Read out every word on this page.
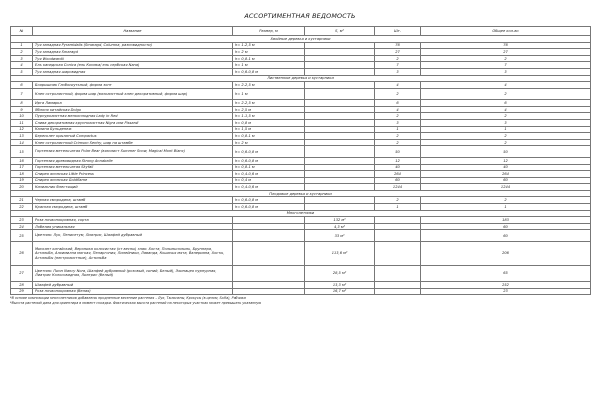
АССОРТИМЕНТНАЯ ВЕДОМОСТЬ
№	Название	Размер, м	S, м²	Шт.	Общее кол-во
Хвойные деревья и кустарники					
1	Туя западная Pyramidalis (Smaragd, Columna, разновидности)	h= 1-2,5 м		76	76
2	Туя западная Smaragd	h= 2 м		27	27
3	Туя Woodwardii	h= 0,8-1 м		2	2
4	Ель канадская Conica (ель Коника/ ель сербская Nana)	h= 1 м		7	7
5	Туя западная шаровидная	h= 0,6-0,8 м		3	3
Лиственные деревья и кустарники					
6	Боярышник Глобосиутьный, форма зонт	h= 2-2,5 м		4	4
7	Клен остролистный, форма шар (вязолистный клен декоративный, форма шар)	h= 1 м		2	2
8	Ирга Ламарка	h= 2-2,5 м		6	6
9	Яблоня китайская Dolgo	h= 2,5 м		4	4
10	Пурпуролистная мелкоплодная Lady in Red	h= 1-1,5 м		2	2
11	Слива декоративная крупнолистная Nigra или Pissardi	h= 0,8 м		3	3
12	Калина Бульденеж	h= 1,5 м		1	1
13	Бересклет крылатый Compactus	h= 0,8-1 м		2	2
14	Клен остролистный Crimson Sentry, шар на штамбе	h= 2 м		2	2
15	Гортензия метельчатая Polar Bear (вязолист Summer Snow, Magical Mont Blanc)	h= 0,6-0,8 м		50	50
16	Гортензия древовидная Strong Annabelle	h= 0,6-0,8 м		12	12
17	Гортензия метельчатая Skyfall	h= 0,8-1 м		40	40
18	Спирея японская Little Princess	h= 0,4-0,6 м		264	264
19	Спирея японская Goldflame	h= 0,4 м		60	60
20	Кизильник блестящий	h= 0,4-0,6 м		1244	1244
Плодовые деревья и кустарники					
21	Черная смородина, штамб	h= 0,6-0,8 м		2	2
22	Красная смородина, штамб	h= 0,6-0,8 м		1	1
Многолетники					
23	Роза почвопокровная, сорта		132 м²		183
24	Лобелия уникальная		4,3 м²		60
25	Цветник: Лук, Пенисетум, Лиатрис, Шалфей дубравный		33 м²		60
26	Мискант китайский, Вероника колосистая (от весны) злак: Хоста, Полыньполынь, Бруннера, Астильба, Алхимилла мягкая, Пеларгония, Лилейники, Лаванда, Кошачья мята, Валериана, Хосты, Астильбы (пестролистные), Астильба		113,6 м²		206
27	Цветник: Пион Nancy Nora, Шалфей дубравный (розовый, синий, Белый), Эхинацея пурпурная, Лиатрис Колосовидная, Лиатрис (белый)		28,5 м²		65
28	Шалфей дубравный		13,3 м²		252
29	Роза почвопокровная (белая)		16,7 м²		23
*В основе композиции многолетников добавлены продленные весенние растения – Лук, Тюльпаны, Крокусы (в целом, Scilla), Рябчики
*Высота растений дана для ориентира в момент посадки. Фактическая высота растений на некоторых участках может превышать указанную
